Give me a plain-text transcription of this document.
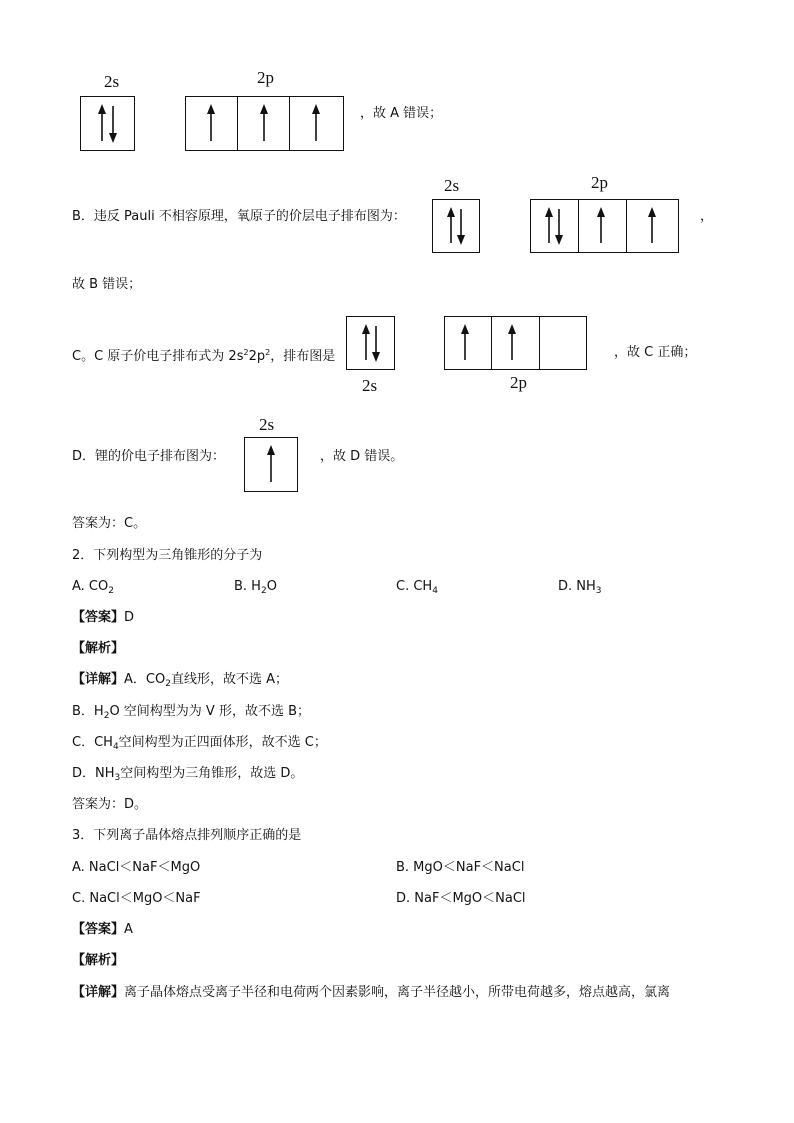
2s	2p
，故 A 错误；
B．违反 Pauli 不相容原理，氧原子的价层电子排布图为：
2s	2p
，
故 B 错误；
C。C 原子价电子排布式为 $2s^22p^2$，排布图是
2s	2p
，故 C 正确；
2s
D．锂的价电子排布图为：	，故 D 错误。
答案为：C。
2．下列构型为三角锥形的分子为
A. $CO_2$	B. $H_2O$	C. $CH_4$	D. $NH_3$
【答案】D
【解析】
【详解】A．$CO_2$直线形，故不选 A；
B．$H_2O$ 空间构型为为 V 形，故不选 B；
C．$CH_4$空间构型为正四面体形，故不选 C；
D．$NH_3$空间构型为三角锥形，故选 D。
答案为：D。
3．下列离子晶体熔点排列顺序正确的是
A. NaCl＜NaF＜MgO	B. MgO＜NaF＜NaCl
C. NaCl＜MgO＜NaF	D. NaF＜MgO＜NaCl
【答案】A
【解析】
【详解】离子晶体熔点受离子半径和电荷两个因素影响，离子半径越小，所带电荷越多，熔点越高，氯离
